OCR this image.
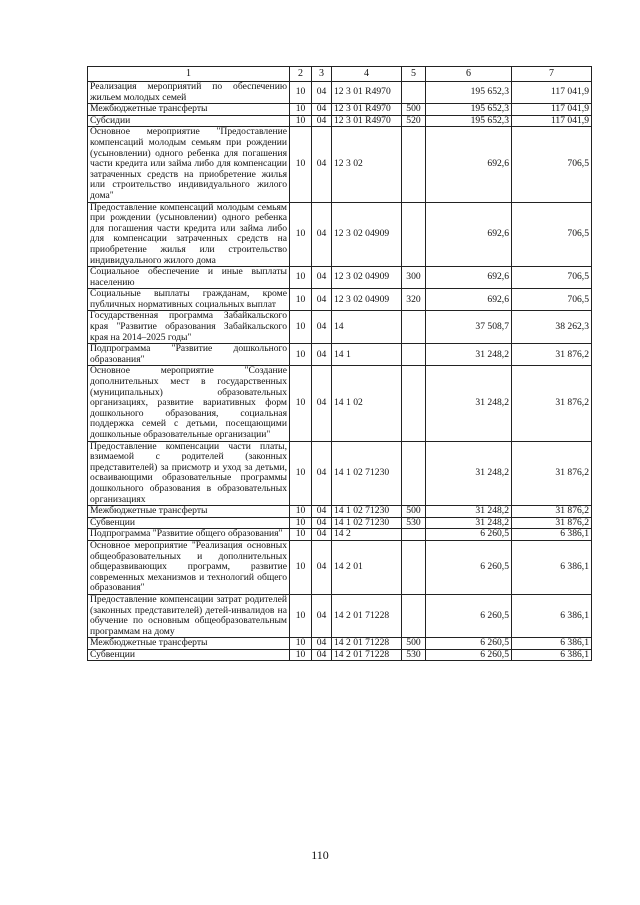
1	2	3	4	5	6	7
Реализация мероприятий по обеспечению жильем молодых семей	10	04	12 3 01 R4970		195 652,3	117 041,9
Межбюджетные трансферты	10	04	12 3 01 R4970	500	195 652,3	117 041,9
Субсидии	10	04	12 3 01 R4970	520	195 652,3	117 041,9
Основное мероприятие "Предоставление компенсаций молодым семьям при рождении (усыновлении) одного ребенка для погашения части кредита или займа либо для компенсации затраченных средств на приобретение жилья или строительство индивидуального жилого дома"	10	04	12 3 02		692,6	706,5
Предоставление компенсаций молодым семьям при рождении (усыновлении) одного ребенка для погашения части кредита или займа либо для компенсации затраченных средств на приобретение жилья или строительство индивидуального жилого дома	10	04	12 3 02 04909		692,6	706,5
Социальное обеспечение и иные выплаты населению	10	04	12 3 02 04909	300	692,6	706,5
Социальные выплаты гражданам, кроме публичных нормативных социальных выплат	10	04	12 3 02 04909	320	692,6	706,5
Государственная программа Забайкальского края "Развитие образования Забайкальского края на 2014–2025 годы"	10	04	14		37 508,7	38 262,3
Подпрограмма "Развитие дошкольного образования"	10	04	14 1		31 248,2	31 876,2
Основное мероприятие "Создание дополнительных мест в государственных (муниципальных) образовательных организациях, развитие вариативных форм дошкольного образования, социальная поддержка семей с детьми, посещающими дошкольные образовательные организации"	10	04	14 1 02		31 248,2	31 876,2
Предоставление компенсации части платы, взимаемой с родителей (законных представителей) за присмотр и уход за детьми, осваивающими образовательные программы дошкольного образования в образовательных организациях	10	04	14 1 02 71230		31 248,2	31 876,2
Межбюджетные трансферты	10	04	14 1 02 71230	500	31 248,2	31 876,2
Субвенции	10	04	14 1 02 71230	530	31 248,2	31 876,2
Подпрограмма "Развитие общего образования"	10	04	14 2		6 260,5	6 386,1
Основное мероприятие "Реализация основных общеобразовательных и дополнительных общеразвивающих программ, развитие современных механизмов и технологий общего образования"	10	04	14 2 01		6 260,5	6 386,1
Предоставление компенсации затрат родителей (законных представителей) детей-инвалидов на обучение по основным общеобразовательным программам на дому	10	04	14 2 01 71228		6 260,5	6 386,1
Межбюджетные трансферты	10	04	14 2 01 71228	500	6 260,5	6 386,1
Субвенции	10	04	14 2 01 71228	530	6 260,5	6 386,1
110
